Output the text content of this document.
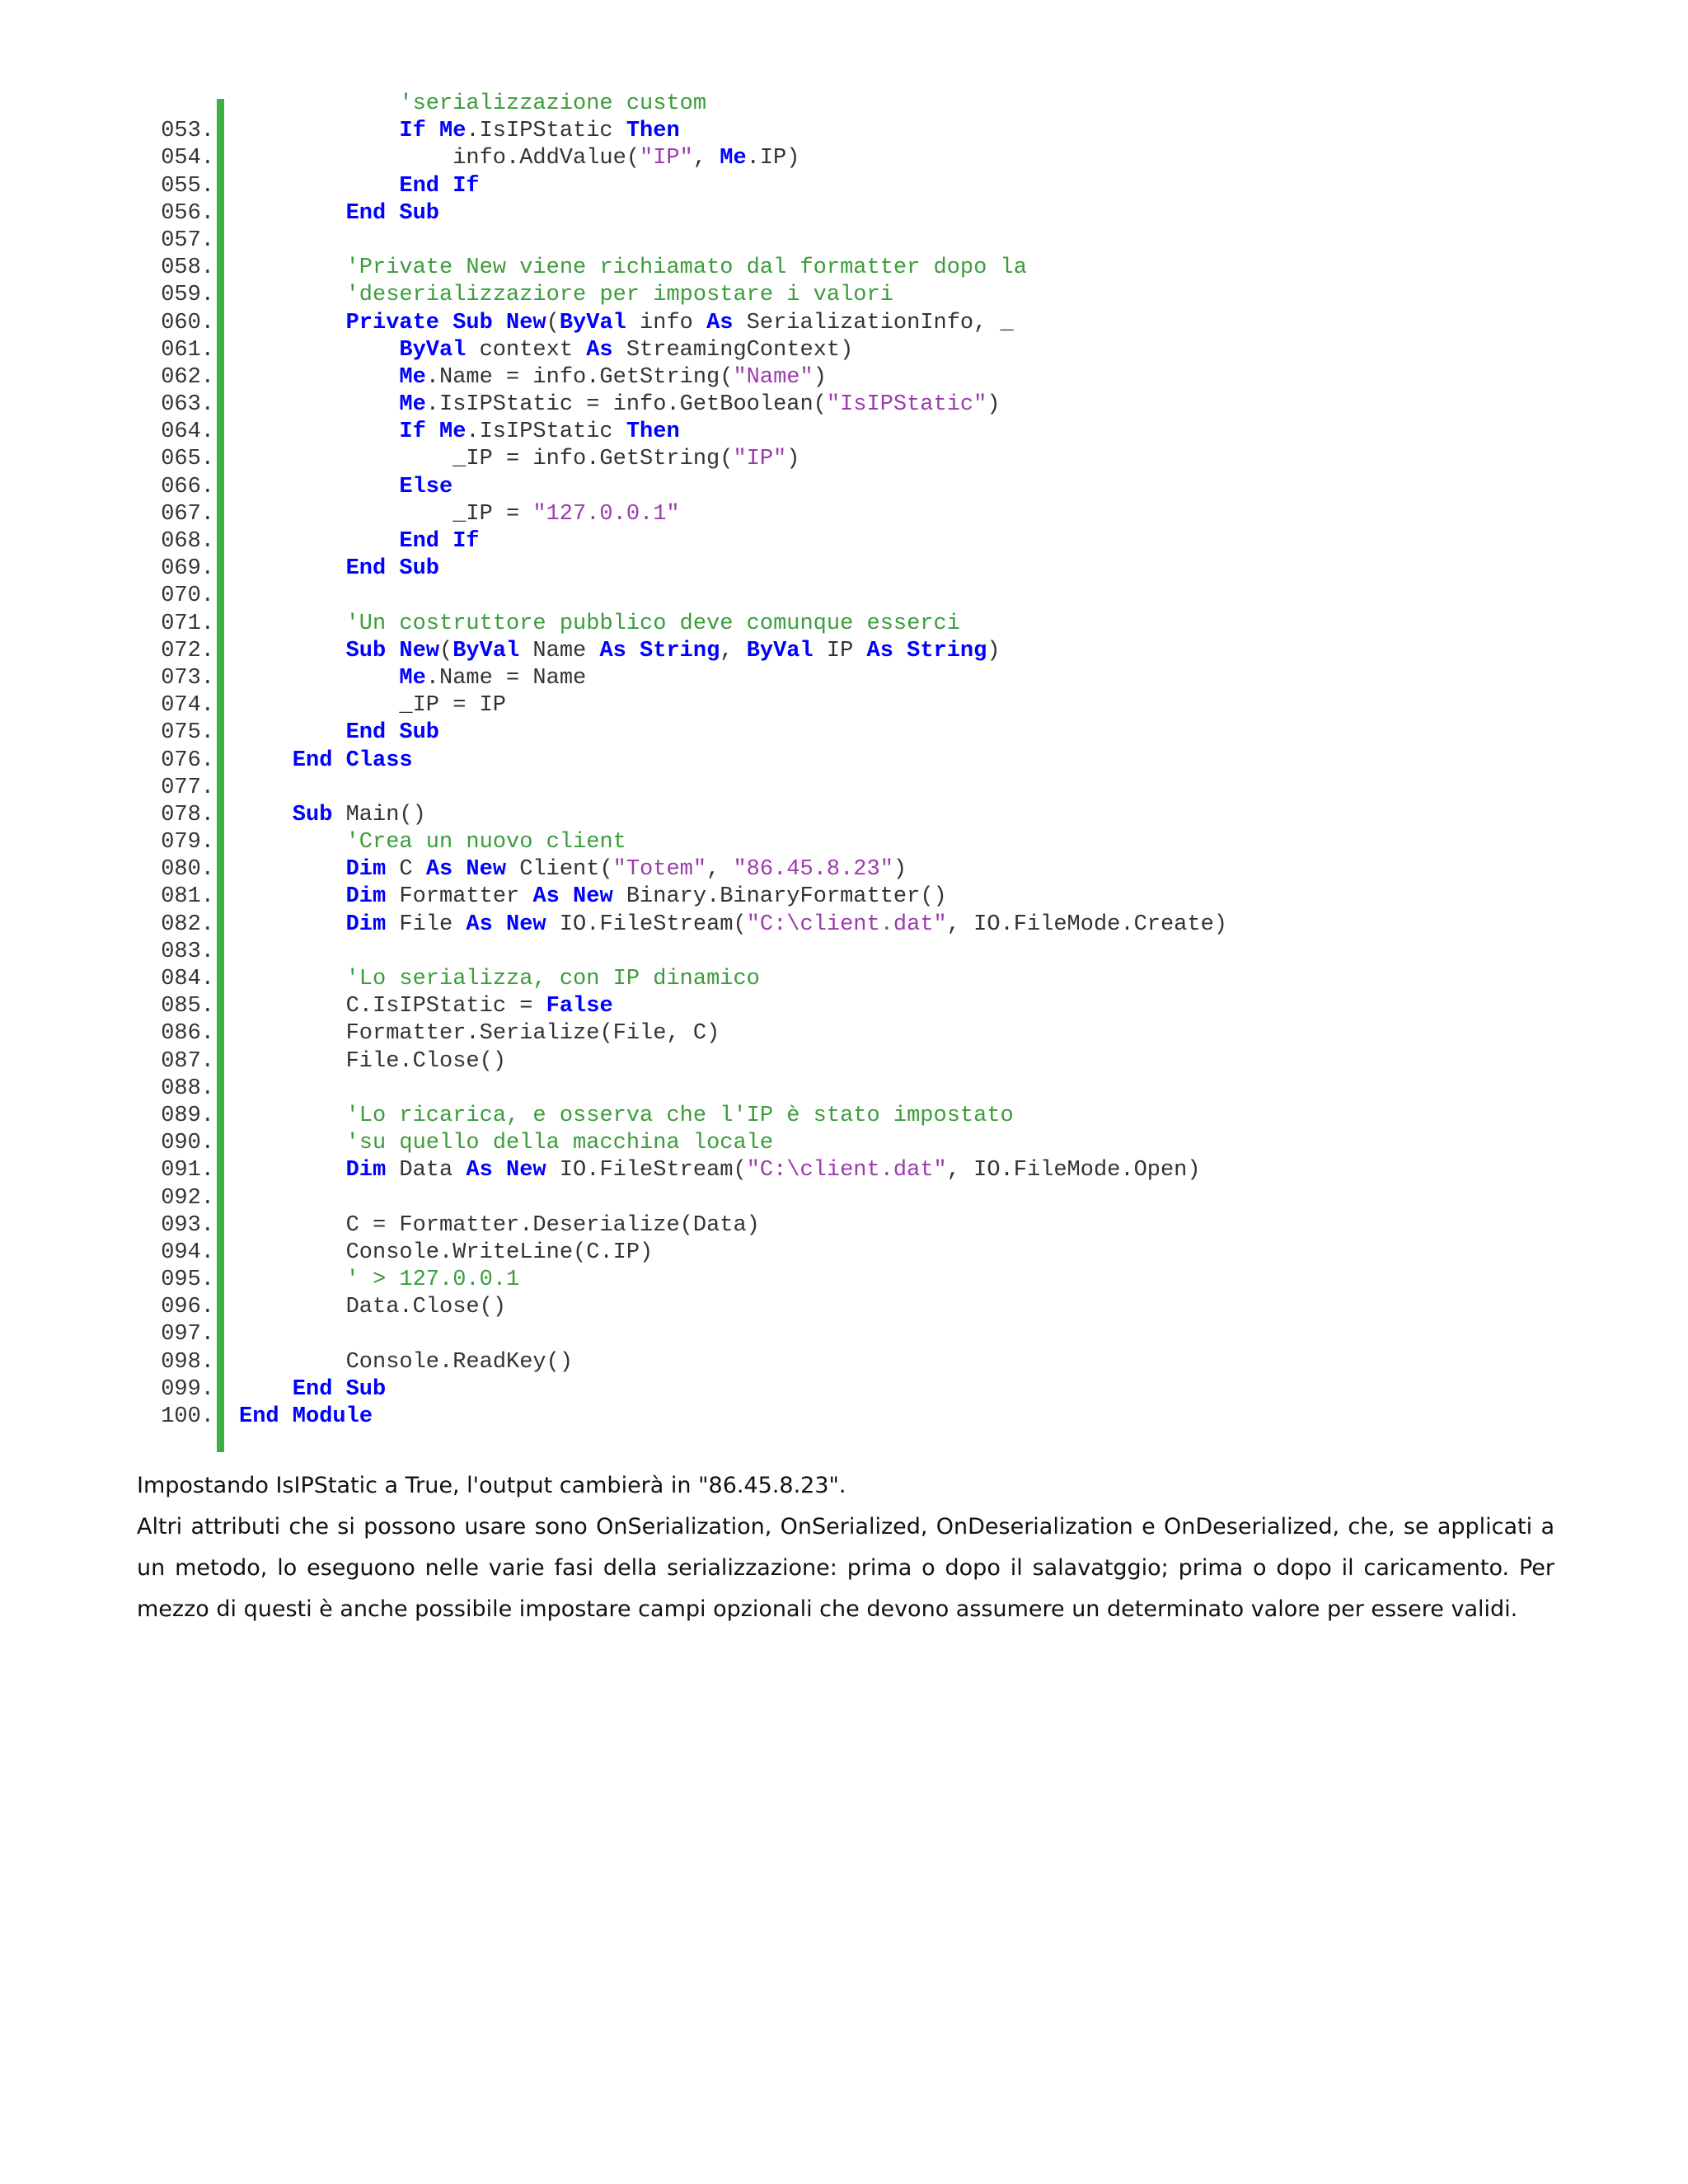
'serializzazione custom
053.	If Me.IsIPStatic Then
054.	info.AddValue("IP", Me.IP)
055.	End If
056.	End Sub
057.
058.	'Private New viene richiamato dal formatter dopo la
059.	'deserializzaziore per impostare i valori
060.	Private Sub New(ByVal info As SerializationInfo, _
061.	ByVal context As StreamingContext)
062.	Me.Name = info.GetString("Name")
063.	Me.IsIPStatic = info.GetBoolean("IsIPStatic")
064.	If Me.IsIPStatic Then
065.	_IP = info.GetString("IP")
066.	Else
067.	_IP = "127.0.0.1"
068.	End If
069.	End Sub
070.
071.	'Un costruttore pubblico deve comunque esserci
072.	Sub New(ByVal Name As String, ByVal IP As String)
073.	Me.Name = Name
074.	_IP = IP
075.	End Sub
076.	End Class
077.
078.	Sub Main()
079.	'Crea un nuovo client
080.	Dim C As New Client("Totem", "86.45.8.23")
081.	Dim Formatter As New Binary.BinaryFormatter()
082.	Dim File As New IO.FileStream("C:\client.dat", IO.FileMode.Create)
083.
084.	'Lo serializza, con IP dinamico
085.	C.IsIPStatic = False
086.	Formatter.Serialize(File, C)
087.	File.Close()
088.
089.	'Lo ricarica, e osserva che l'IP è stato impostato
090.	'su quello della macchina locale
091.	Dim Data As New IO.FileStream("C:\client.dat", IO.FileMode.Open)
092.
093.	C = Formatter.Deserialize(Data)
094.	Console.WriteLine(C.IP)
095.	' > 127.0.0.1
096.	Data.Close()
097.
098.	Console.ReadKey()
099.	End Sub
100. End Module

Impostando IsIPStatic a True, l'output cambierà in "86.45.8.23".

Altri attributi che si possono usare sono OnSerialization, OnSerialized, OnDeserialization e OnDeserialized, che, se applicati a un metodo, lo eseguono nelle varie fasi della serializzazione: prima o dopo il salavatggio; prima o dopo il caricamento. Per mezzo di questi è anche possibile impostare campi opzionali che devono assumere un determinato valore per essere validi.
